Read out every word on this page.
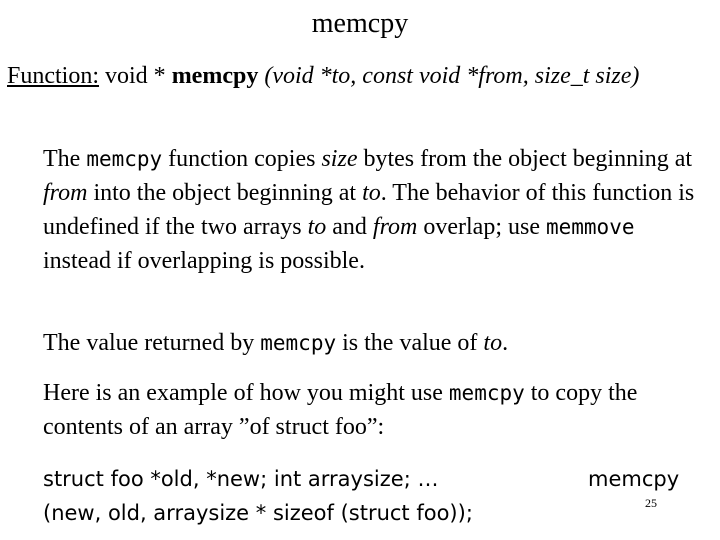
memcpy
Function: void * memcpy (void *to, const void *from, size_t size)
The memcpy function copies size bytes from the object beginning at from into the object beginning at to. The behavior of this function is undefined if the two arrays to and from overlap; use memmove instead if overlapping is possible.
The value returned by memcpy is the value of to.
Here is an example of how you might use memcpy to copy the contents of an array ”of struct foo”:
struct foo *old, *new; int arraysize; …
(new, old, arraysize * sizeof (struct foo));
memcpy
25
